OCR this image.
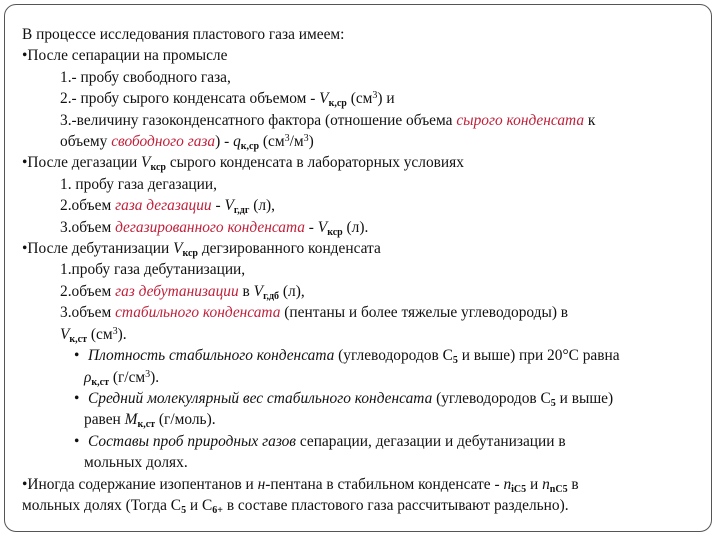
В процессе исследования пластового газа имеем:
•После сепарации на промысле
1.- пробу свободного газа,
2.- пробу сырого конденсата объемом - $V_{к,ср}$ $(см^3)$ и
3.-величину газоконденсатного фактора (отношение объема сырого конденсата к
объему свободного газа) - $q_{к,ср}$ $(см^3/м^3)$
•После дегазации $V_{кср}$ сырого конденсата в лабораторных условиях
1. пробу газа дегазации,
2.объем газа дегазации - $V_{г,дг}$ (л),
3.объем дегазированного конденсата - $V_{кср}$ (л).
•После дебутанизации $V_{кср}$ дегзированного конденсата
1.пробу газа дебутанизации,
2.объем газ дебутанизации в $V_{г,дб}$ (л),
3.объем стабильного конденсата (пентаны и более тяжелые углеводороды) в
$V_{к,ст}$ $(см^3)$.
• Плотность стабильного конденсата (углеводородов $С_5$ и выше) при 20°С равна
$\rho_{к,ст}$ $(г/см^3)$.
• Средний молекулярный вес стабильного конденсата (углеводородов $С_5$ и выше)
равен $M_{к,ст}$ (г/моль).
• Составы проб природных газов сепарации, дегазации и дебутанизации в
мольных долях.
•Иногда содержание изопентанов и н-пентана в стабильном конденсате - $n_{iC5}$ и $n_{nC5}$ в
мольных долях (Тогда $С_5$ и $С_{6+}$ в составе пластового газа рассчитывают раздельно).
